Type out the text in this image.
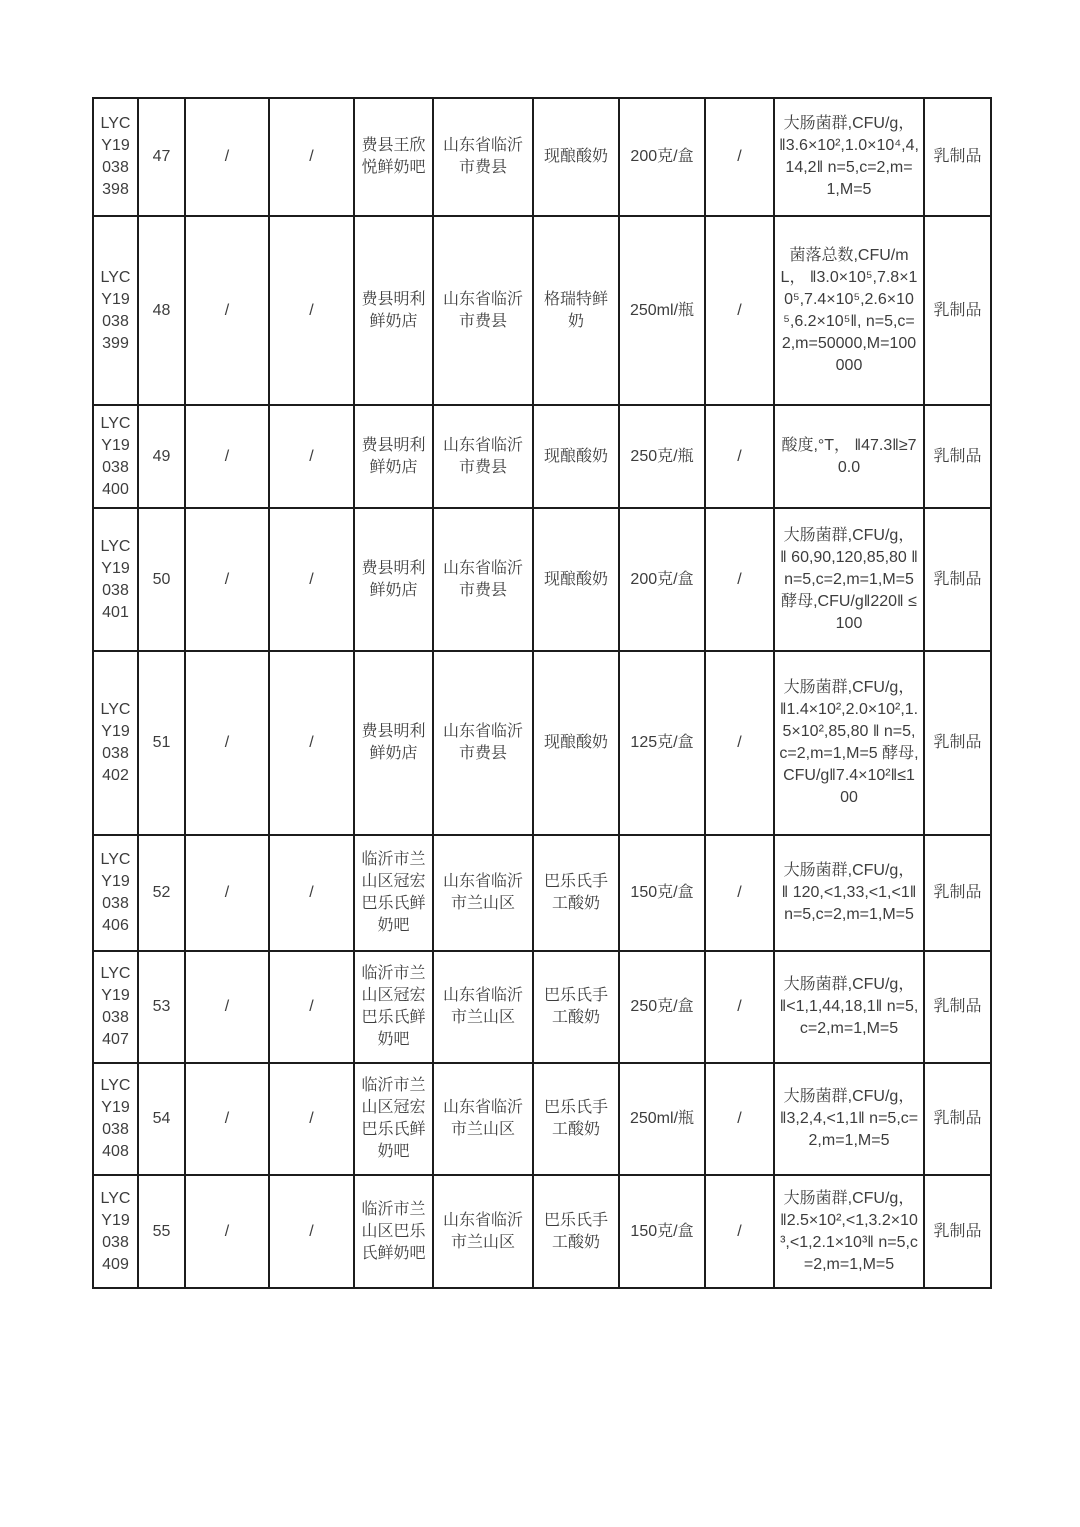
LYCY19038398	47	/	/	费县王欣悦鲜奶吧	山东省临沂市费县	现酿酸奶	200克/盒	/	大肠菌群,CFU/g， ‖3.6×10²,1.0×10⁴,4,14,2‖ n=5,c=2,m=1,M=5	乳制品
LYCY19038399	48	/	/	费县明利鲜奶店	山东省临沂市费县	格瑞特鲜奶	250ml/瓶	/	菌落总数,CFU/mL， ‖3.0×10⁵,7.8×10⁵,7.4×10⁵,2.6×10⁵,6.2×10⁵‖, n=5,c=2,m=50000,M=100000	乳制品
LYCY19038400	49	/	/	费县明利鲜奶店	山东省临沂市费县	现酿酸奶	250克/瓶	/	酸度,°T， ‖47.3‖≥70.0	乳制品
LYCY19038401	50	/	/	费县明利鲜奶店	山东省临沂市费县	现酿酸奶	200克/盒	/	大肠菌群,CFU/g， ‖ 60,90,120,85,80 ‖ n=5,c=2,m=1,M=5酵母,CFU/g‖220‖ ≤100	乳制品
LYCY19038402	51	/	/	费县明利鲜奶店	山东省临沂市费县	现酿酸奶	125克/盒	/	大肠菌群,CFU/g， ‖1.4×10²,2.0×10²,1.5×10²,85,80 ‖ n=5,c=2,m=1,M=5 酵母,CFU/g‖7.4×10²‖≤100	乳制品
LYCY19038406	52	/	/	临沂市兰山区冠宏巴乐氏鲜奶吧	山东省临沂市兰山区	巴乐氏手工酸奶	150克/盒	/	大肠菌群,CFU/g， ‖ 120,<1,33,<1,<1‖ n=5,c=2,m=1,M=5	乳制品
LYCY19038407	53	/	/	临沂市兰山区冠宏巴乐氏鲜奶吧	山东省临沂市兰山区	巴乐氏手工酸奶	250克/盒	/	大肠菌群,CFU/g， ‖<1,1,44,18,1‖ n=5,c=2,m=1,M=5	乳制品
LYCY19038408	54	/	/	临沂市兰山区冠宏巴乐氏鲜奶吧	山东省临沂市兰山区	巴乐氏手工酸奶	250ml/瓶	/	大肠菌群,CFU/g， ‖3,2,4,<1,1‖ n=5,c=2,m=1,M=5	乳制品
LYCY19038409	55	/	/	临沂市兰山区巴乐氏鲜奶吧	山东省临沂市兰山区	巴乐氏手工酸奶	150克/盒	/	大肠菌群,CFU/g， ‖2.5×10²,<1,3.2×10³,<1,2.1×10³‖ n=5,c=2,m=1,M=5	乳制品
